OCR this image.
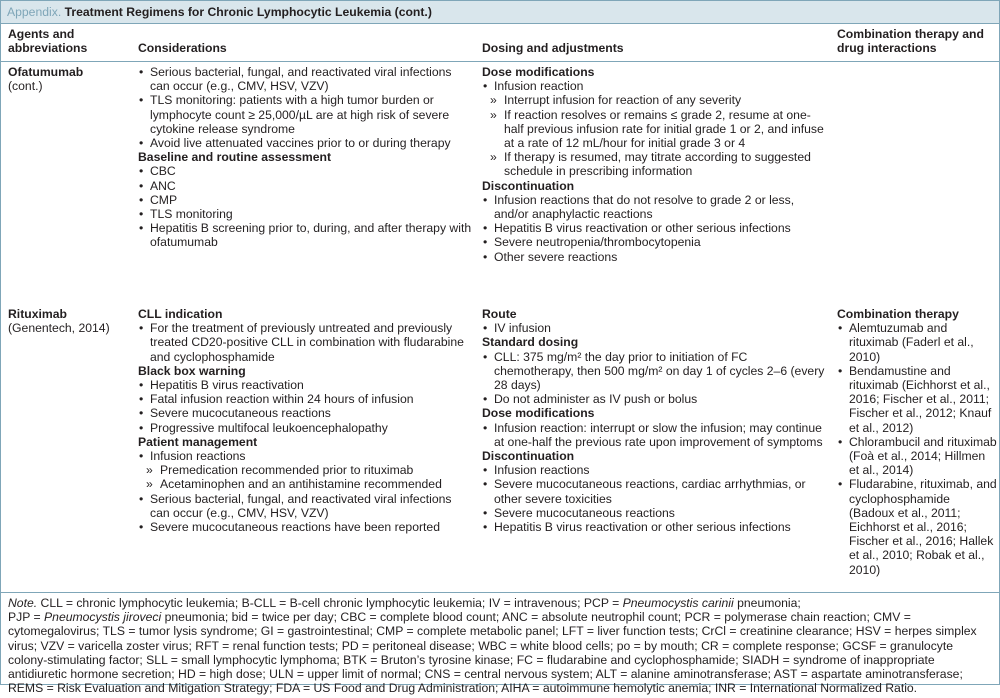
Appendix. Treatment Regimens for Chronic Lymphocytic Leukemia (cont.)
Agents and
abbreviations	Considerations	Dosing and adjustments
Combination therapy and
drug interactions
Ofatumumab
(cont.)
• Serious bacterial, fungal, and reactivated viral infections can occur (e.g., CMV, HSV, VZV)
• TLS monitoring: patients with a high tumor burden or lymphocyte count ≥ 25,000/µL are at high risk of severe cytokine release syndrome
• Avoid live attenuated vaccines prior to or during therapy
Baseline and routine assessment
• CBC
• ANC
• CMP
• TLS monitoring
• Hepatitis B screening prior to, during, and after therapy with ofatumumab
Dose modifications
• Infusion reaction
» Interrupt infusion for reaction of any severity
» If reaction resolves or remains ≤ grade 2, resume at one-half previous infusion rate for initial grade 1 or 2, and infuse at a rate of 12 mL/hour for initial grade 3 or 4
» If therapy is resumed, may titrate according to suggested schedule in prescribing information
Discontinuation
• Infusion reactions that do not resolve to grade 2 or less, and/or anaphylactic reactions
• Hepatitis B virus reactivation or other serious infections
• Severe neutropenia/thrombocytopenia
• Other severe reactions
Rituximab
(Genentech, 2014)
CLL indication
• For the treatment of previously untreated and previously treated CD20-positive CLL in combination with fludarabine and cyclophosphamide
Black box warning
• Hepatitis B virus reactivation
• Fatal infusion reaction within 24 hours of infusion
• Severe mucocutaneous reactions
• Progressive multifocal leukoencephalopathy
Patient management
• Infusion reactions
» Premedication recommended prior to rituximab
» Acetaminophen and an antihistamine recommended
• Serious bacterial, fungal, and reactivated viral infections can occur (e.g., CMV, HSV, VZV)
• Severe mucocutaneous reactions have been reported
Route
• IV infusion
Standard dosing
• CLL: 375 mg/m² the day prior to initiation of FC chemotherapy, then 500 mg/m² on day 1 of cycles 2–6 (every 28 days)
• Do not administer as IV push or bolus
Dose modifications
• Infusion reaction: interrupt or slow the infusion; may continue at one-half the previous rate upon improvement of symptoms
Discontinuation
• Infusion reactions
• Severe mucocutaneous reactions, cardiac arrhythmias, or other severe toxicities
• Severe mucocutaneous reactions
• Hepatitis B virus reactivation or other serious infections
Combination therapy
• Alemtuzumab and rituximab (Faderl et al., 2010)
• Bendamustine and rituximab (Eichhorst et al., 2016; Fischer et al., 2011; Fischer et al., 2012; Knauf et al., 2012)
• Chlorambucil and rituximab (Foà et al., 2014; Hillmen et al., 2014)
• Fludarabine, rituximab, and cyclophosphamide (Badoux et al., 2011; Eichhorst et al., 2016; Fischer et al., 2016; Hallek et al., 2010; Robak et al., 2010)
Note. CLL = chronic lymphocytic leukemia; B-CLL = B-cell chronic lymphocytic leukemia; IV = intravenous; PCP = Pneumocystis carinii pneumonia;
PJP = Pneumocystis jiroveci pneumonia; bid = twice per day; CBC = complete blood count; ANC = absolute neutrophil count; PCR = polymerase chain reaction; CMV = cytomegalovirus; TLS = tumor lysis syndrome; GI = gastrointestinal; CMP = complete metabolic panel; LFT = liver function tests; CrCl = creatinine clearance; HSV = herpes simplex virus; VZV = varicella zoster virus; RFT = renal function tests; PD = peritoneal disease; WBC = white blood cells; po = by mouth; CR = complete response; GCSF = granulocyte colony-stimulating factor; SLL = small lymphocytic lymphoma; BTK = Bruton’s tyrosine kinase; FC = fludarabine and cyclophosphamide; SIADH = syndrome of inappropriate antidiuretic hormone secretion; HD = high dose; ULN = upper limit of normal; CNS = central nervous system; ALT = alanine aminotransferase; AST = aspartate aminotransferase; REMS = Risk Evaluation and Mitigation Strategy; FDA = US Food and Drug Administration; AIHA = autoimmune hemolytic anemia; INR = International Normalized Ratio.
